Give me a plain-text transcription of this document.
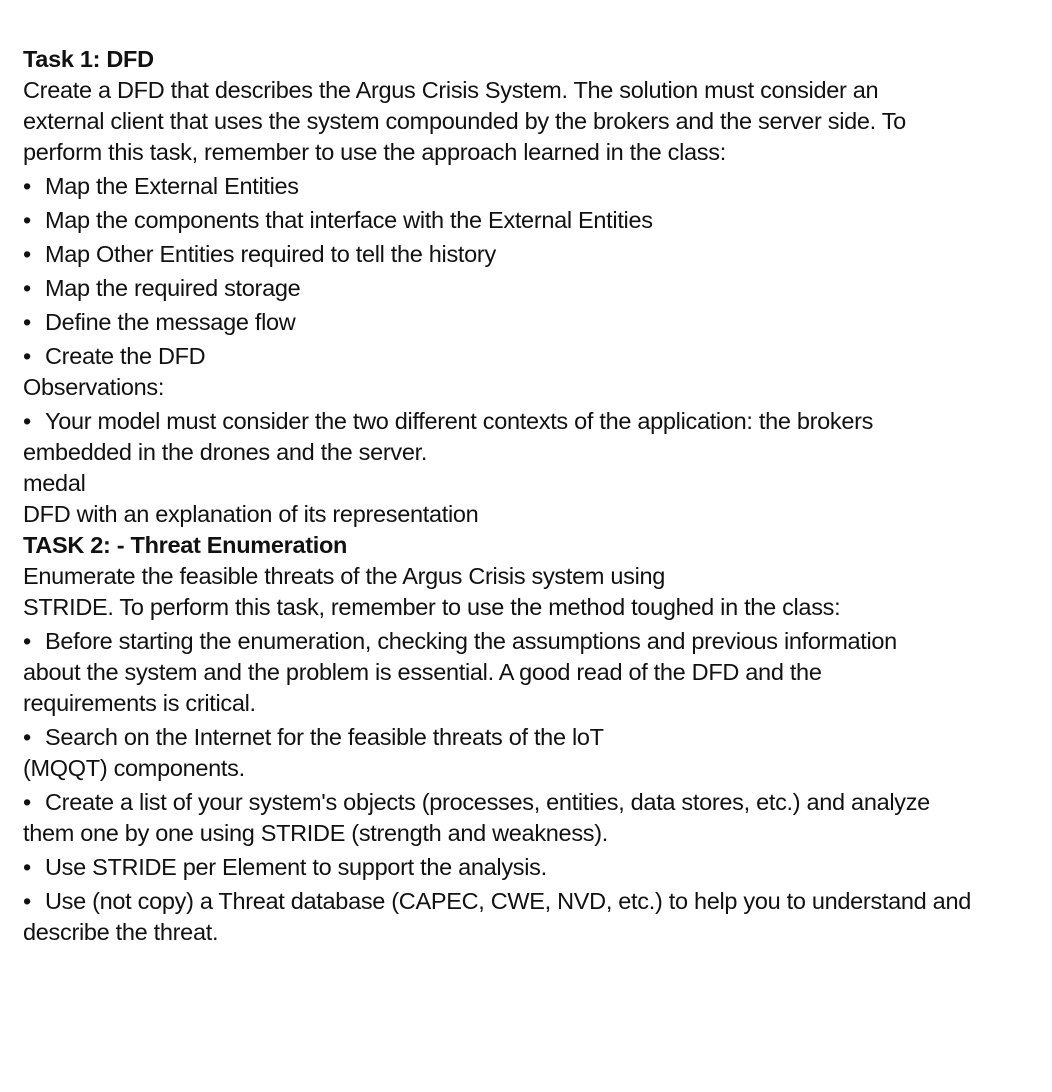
Task 1: DFD
Create a DFD that describes the Argus Crisis System. The solution must consider an
external client that uses the system compounded by the brokers and the server side. To
perform this task, remember to use the approach learned in the class:
•Map the External Entities
•Map the components that interface with the External Entities
•Map Other Entities required to tell the history
•Map the required storage
•Define the message flow
•Create the DFD
Observations:
•Your model must consider the two different contexts of the application: the brokers
embedded in the drones and the server.
medal
DFD with an explanation of its representation
TASK 2: - Threat Enumeration
Enumerate the feasible threats of the Argus Crisis system using
STRIDE. To perform this task, remember to use the method toughed in the class:
•Before starting the enumeration, checking the assumptions and previous information
about the system and the problem is essential. A good read of the DFD and the
requirements is critical.
•Search on the Internet for the feasible threats of the loT
(MQQT) components.
•Create a list of your system's objects (processes, entities, data stores, etc.) and analyze
them one by one using STRIDE (strength and weakness).
•Use STRIDE per Element to support the analysis.
•Use (not copy) a Threat database (CAPEC, CWE, NVD, etc.) to help you to understand and
describe the threat.
